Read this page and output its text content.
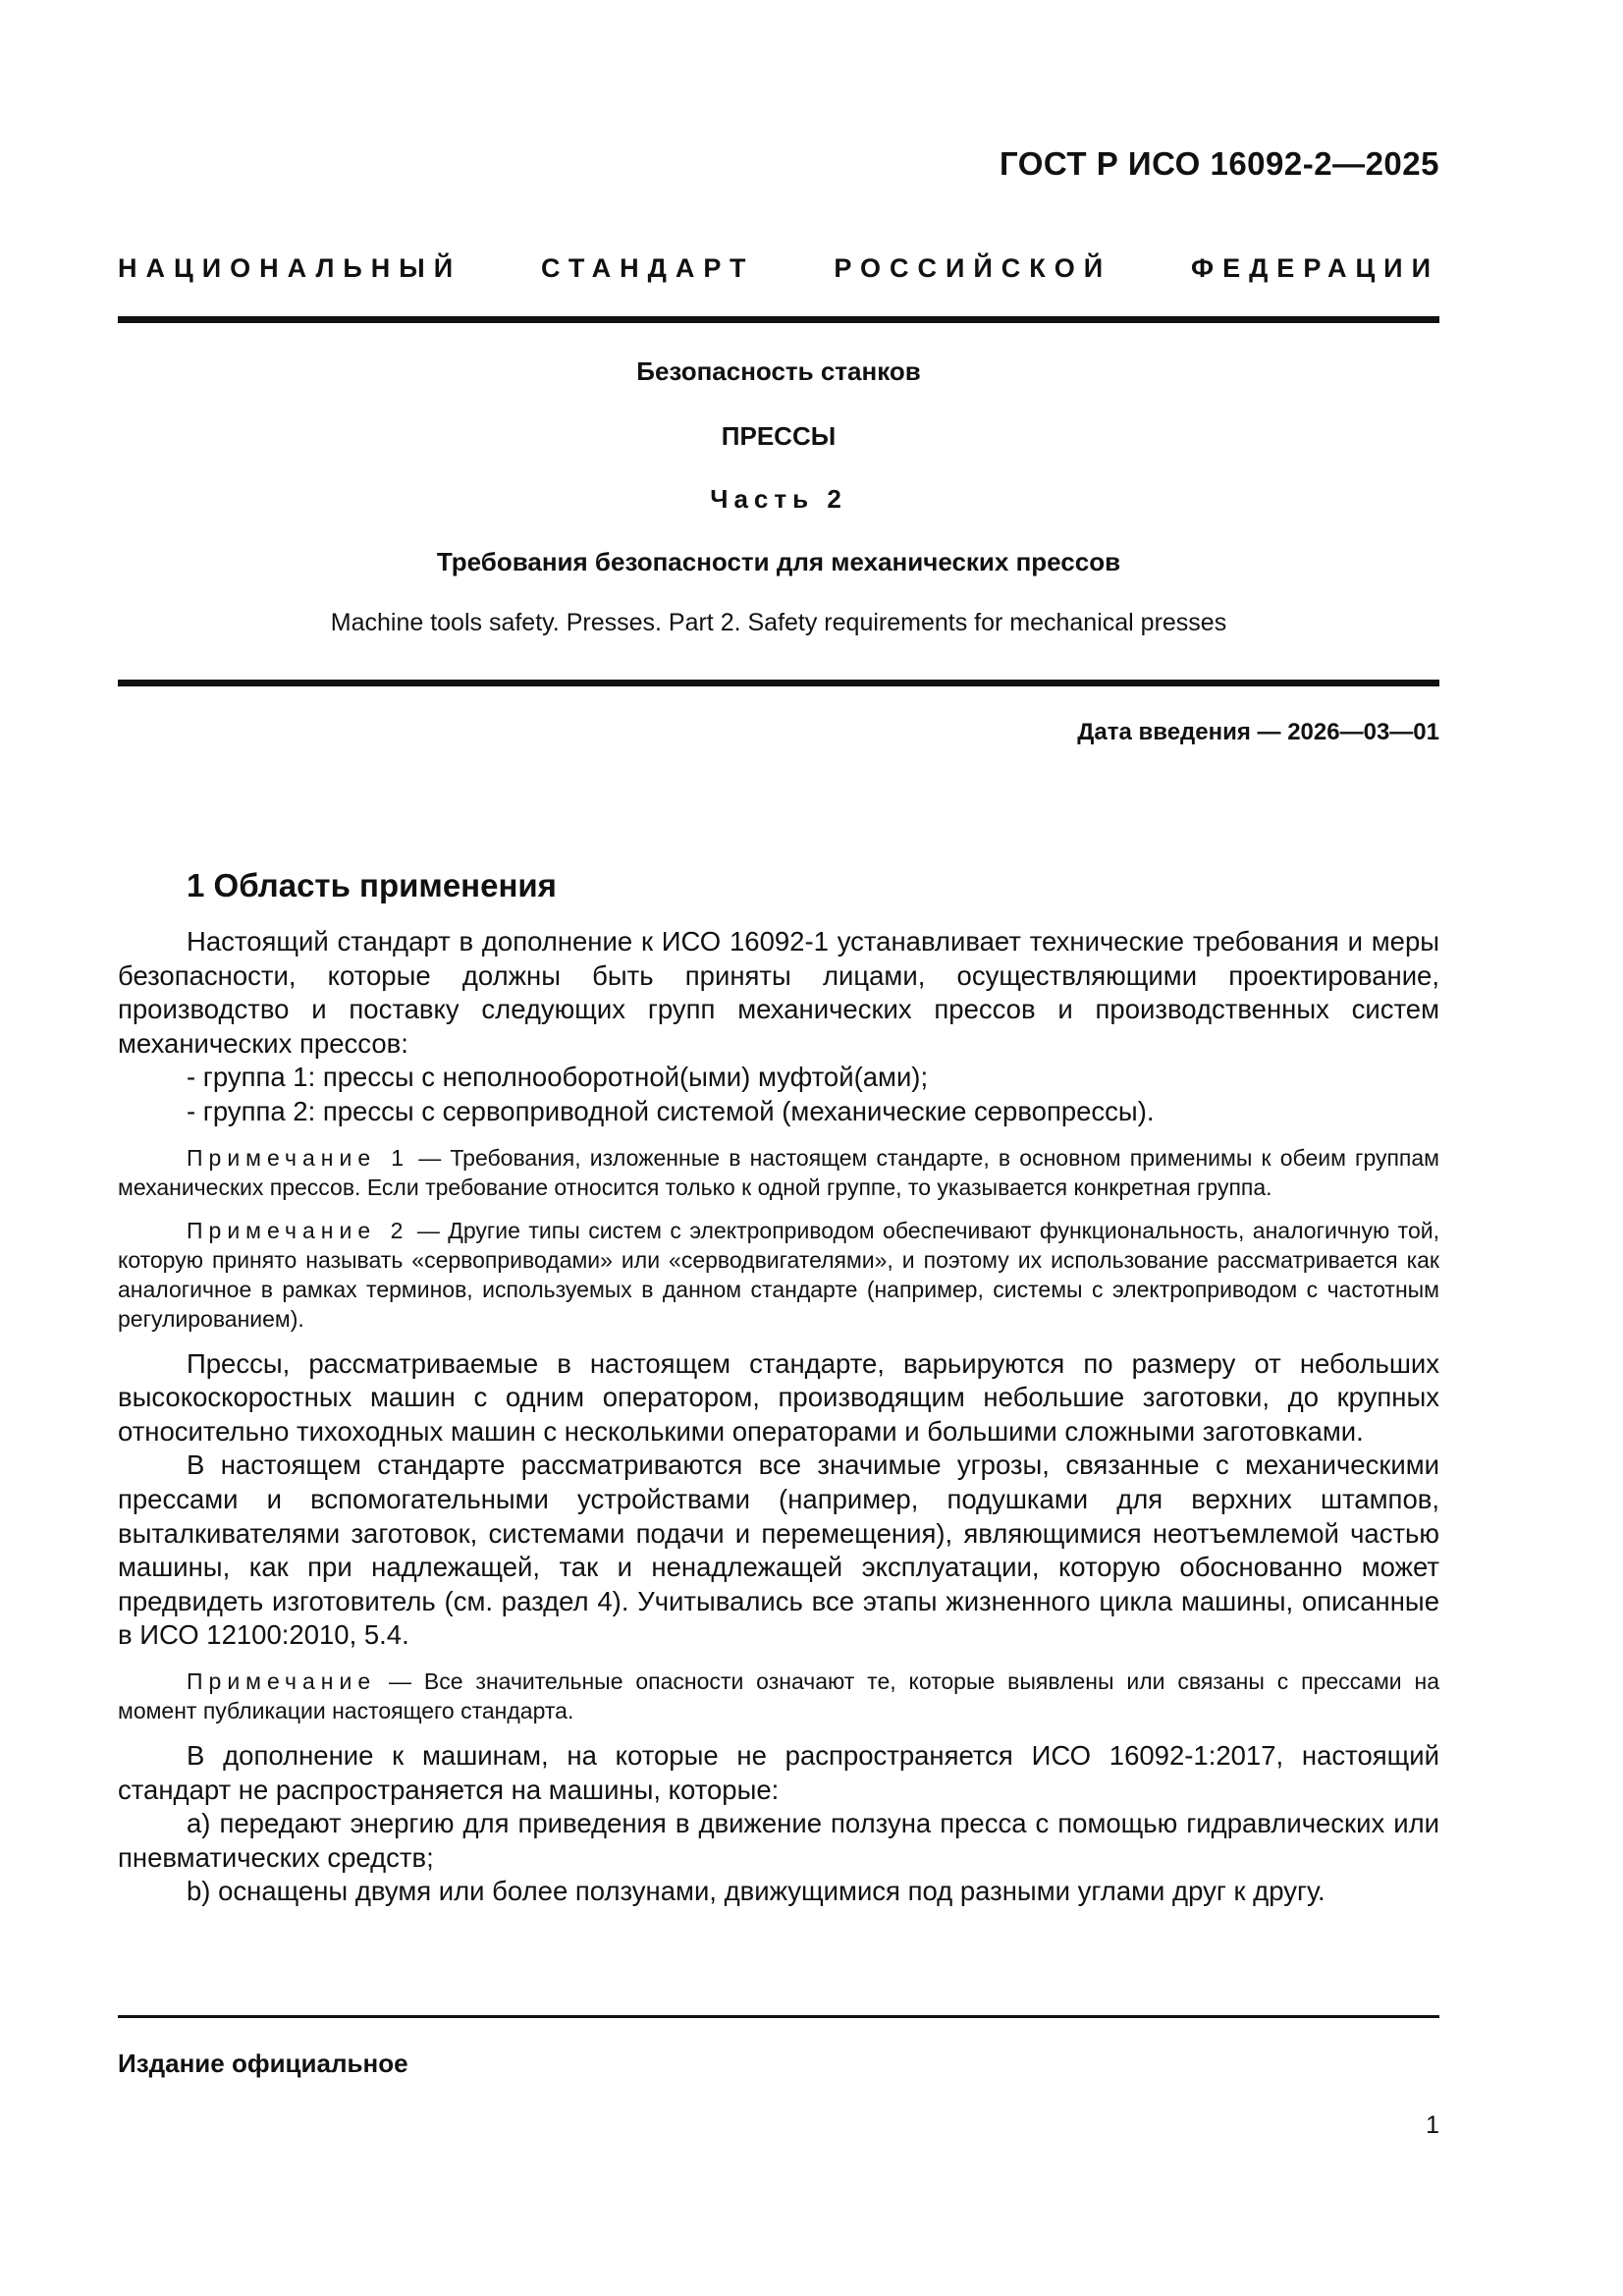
ГОСТ Р ИСО 16092-2—2025
НАЦИОНАЛЬНЫЙ СТАНДАРТ РОССИЙСКОЙ ФЕДЕРАЦИИ

Безопасность станков

ПРЕССЫ

Часть 2

Требования безопасности для механических прессов

Machine tools safety. Presses. Part 2. Safety requirements for mechanical presses

Дата введения — 2026—03—01
1 Область применения

Настоящий стандарт в дополнение к ИСО 16092-1 устанавливает технические требования и меры безопасности, которые должны быть приняты лицами, осуществляющими проектирование, производство и поставку следующих групп механических прессов и производственных систем механических прессов:

- группа 1: прессы с неполнооборотной(ыми) муфтой(ами);

- группа 2: прессы с сервоприводной системой (механические сервопрессы).

Примечание 1 — Требования, изложенные в настоящем стандарте, в основном применимы к обеим группам механических прессов. Если требование относится только к одной группе, то указывается конкретная группа.

Примечание 2 — Другие типы систем с электроприводом обеспечивают функциональность, аналогичную той, которую принято называть «сервоприводами» или «серводвигателями», и поэтому их использование рассматривается как аналогичное в рамках терминов, используемых в данном стандарте (например, системы с электроприводом с частотным регулированием).

Прессы, рассматриваемые в настоящем стандарте, варьируются по размеру от небольших высокоскоростных машин с одним оператором, производящим небольшие заготовки, до крупных относительно тихоходных машин с несколькими операторами и большими сложными заготовками.

В настоящем стандарте рассматриваются все значимые угрозы, связанные с механическими прессами и вспомогательными устройствами (например, подушками для верхних штампов, выталкивателями заготовок, системами подачи и перемещения), являющимися неотъемлемой частью машины, как при надлежащей, так и ненадлежащей эксплуатации, которую обоснованно может предвидеть изготовитель (см. раздел 4). Учитывались все этапы жизненного цикла машины, описанные в ИСО 12100:2010, 5.4.

Примечание — Все значительные опасности означают те, которые выявлены или связаны с прессами на момент публикации настоящего стандарта.

В дополнение к машинам, на которые не распространяется ИСО 16092-1:2017, настоящий стандарт не распространяется на машины, которые:

a) передают энергию для приведения в движение ползуна пресса с помощью гидравлических или пневматических средств;

b) оснащены двумя или более ползунами, движущимися под разными углами друг к другу.

Издание официальное
1
